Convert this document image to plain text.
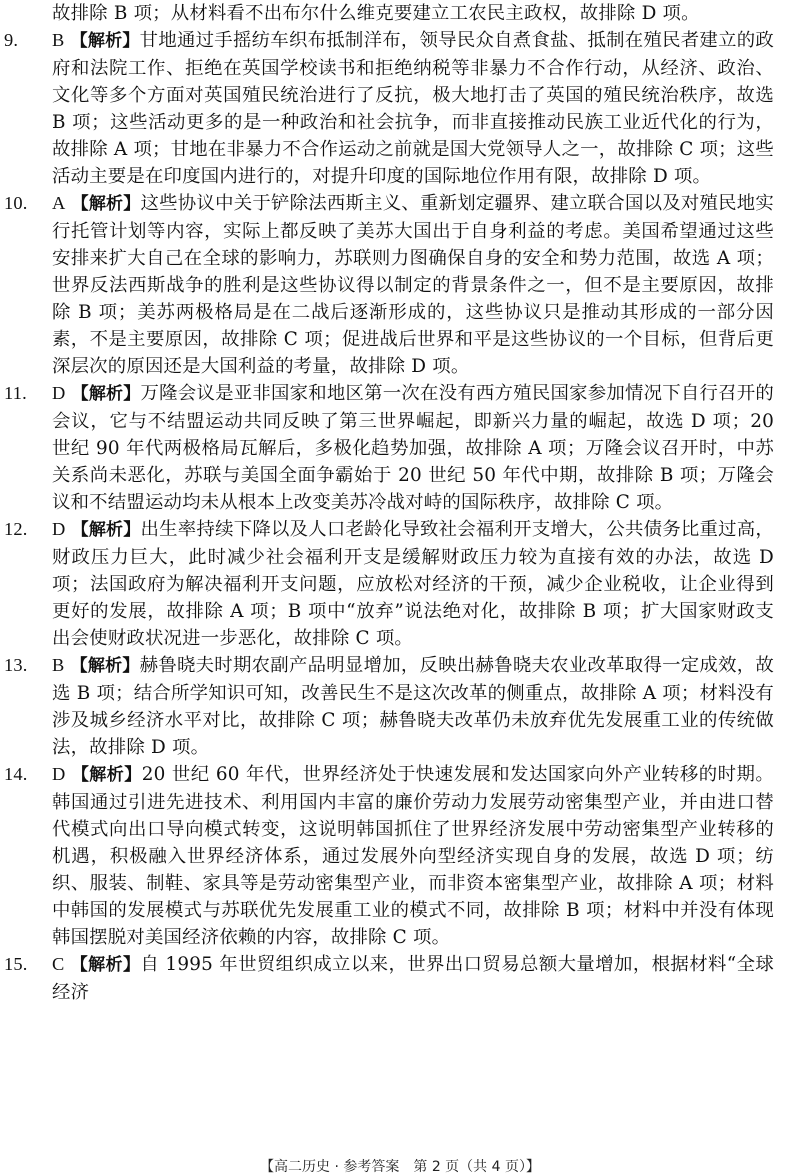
故排除 B 项；从材料看不出布尔什么维克要建立工农民主政权，故排除 D 项。

9. B 【解析】甘地通过手摇纺车织布抵制洋布，领导民众自煮食盐、抵制在殖民者建立的政府和法院工作、拒绝在英国学校读书和拒绝纳税等非暴力不合作行动，从经济、政治、文化等多个方面对英国殖民统治进行了反抗，极大地打击了英国的殖民统治秩序，故选 B 项；这些活动更多的是一种政治和社会抗争，而非直接推动民族工业近代化的行为，故排除 A 项；甘地在非暴力不合作运动之前就是国大党领导人之一，故排除 C 项；这些活动主要是在印度国内进行的，对提升印度的国际地位作用有限，故排除 D 项。

10. A 【解析】这些协议中关于铲除法西斯主义、重新划定疆界、建立联合国以及对殖民地实行托管计划等内容，实际上都反映了美苏大国出于自身利益的考虑。美国希望通过这些安排来扩大自己在全球的影响力，苏联则力图确保自身的安全和势力范围，故选 A 项；世界反法西斯战争的胜利是这些协议得以制定的背景条件之一，但不是主要原因，故排除 B 项；美苏两极格局是在二战后逐渐形成的，这些协议只是推动其形成的一部分因素，不是主要原因，故排除 C 项；促进战后世界和平是这些协议的一个目标，但背后更深层次的原因还是大国利益的考量，故排除 D 项。

11. D 【解析】万隆会议是亚非国家和地区第一次在没有西方殖民国家参加情况下自行召开的会议，它与不结盟运动共同反映了第三世界崛起，即新兴力量的崛起，故选 D 项；20 世纪 90 年代两极格局瓦解后，多极化趋势加强，故排除 A 项；万隆会议召开时，中苏关系尚未恶化，苏联与美国全面争霸始于 20 世纪 50 年代中期，故排除 B 项；万隆会议和不结盟运动均未从根本上改变美苏冷战对峙的国际秩序，故排除 C 项。

12. D 【解析】出生率持续下降以及人口老龄化导致社会福利开支增大，公共债务比重过高，财政压力巨大，此时减少社会福利开支是缓解财政压力较为直接有效的办法，故选 D 项；法国政府为解决福利开支问题，应放松对经济的干预，减少企业税收，让企业得到更好的发展，故排除 A 项；B 项中“放弃”说法绝对化，故排除 B 项；扩大国家财政支出会使财政状况进一步恶化，故排除 C 项。

13. B 【解析】赫鲁晓夫时期农副产品明显增加，反映出赫鲁晓夫农业改革取得一定成效，故选 B 项；结合所学知识可知，改善民生不是这次改革的侧重点，故排除 A 项；材料没有涉及城乡经济水平对比，故排除 C 项；赫鲁晓夫改革仍未放弃优先发展重工业的传统做法，故排除 D 项。

14. D 【解析】20 世纪 60 年代，世界经济处于快速发展和发达国家向外产业转移的时期。韩国通过引进先进技术、利用国内丰富的廉价劳动力发展劳动密集型产业，并由进口替代模式向出口导向模式转变，这说明韩国抓住了世界经济发展中劳动密集型产业转移的机遇，积极融入世界经济体系，通过发展外向型经济实现自身的发展，故选 D 项；纺织、服装、制鞋、家具等是劳动密集型产业，而非资本密集型产业，故排除 A 项；材料中韩国的发展模式与苏联优先发展重工业的模式不同，故排除 B 项；材料中并没有体现韩国摆脱对美国经济依赖的内容，故排除 C 项。

15. C 【解析】自 1995 年世贸组织成立以来，世界出口贸易总额大量增加，根据材料“全球经济

【高二历史 · 参考答案　第 2 页（共 4 页）】
